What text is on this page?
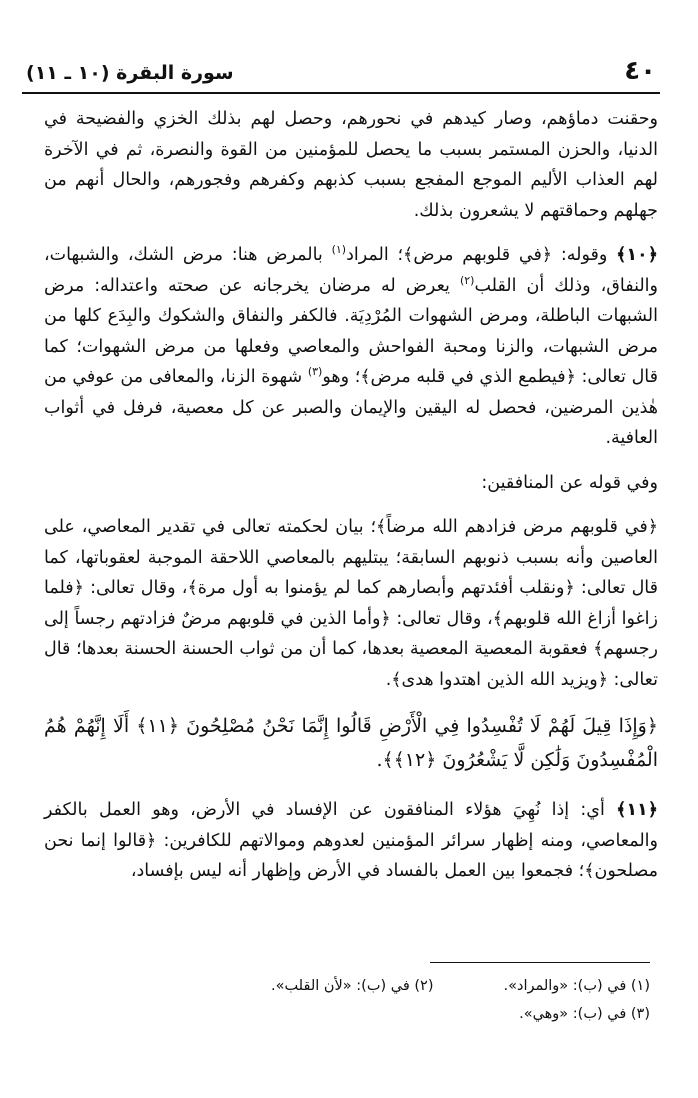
٤٠
سورة البقرة (١٠ ـ ١١)

وحقنت دماؤهم، وصار كيدهم في نحورهم، وحصل لهم بذلك الخزي والفضيحة في الدنيا، والحزن المستمر بسبب ما يحصل للمؤمنين من القوة والنصرة، ثم في الآخرة لهم العذاب الأليم الموجع المفجع بسبب كذبهم وكفرهم وفجورهم، والحال أنهم من جهلهم وحماقتهم لا يشعرون بذلك.

﴿١٠﴾ وقوله: ﴿في قلوبهم مرض﴾؛ المراد$^{(١)}$ بالمرض هنا: مرض الشك، والشبهات، والنفاق، وذلك أن القلب$^{(٢)}$ يعرض له مرضان يخرجانه عن صحته واعتداله: مرض الشبهات الباطلة، ومرض الشهوات المُرْدِيَة. فالكفر والنفاق والشكوك والبِدَع كلها من مرض الشبهات، والزنا ومحبة الفواحش والمعاصي وفعلها من مرض الشهوات؛ كما قال تعالى: ﴿فيطمع الذي في قلبه مرض﴾؛ وهو$^{(٣)}$ شهوة الزنا، والمعافى من عوفي من هٰذين المرضين، فحصل له اليقين والإيمان والصبر عن كل معصية، فرفل في أثواب العافية.

وفي قوله عن المنافقين:

﴿في قلوبهم مرض فزادهم الله مرضاً﴾؛ بيان لحكمته تعالى في تقدير المعاصي، على العاصين وأنه بسبب ذنوبهم السابقة؛ يبتليهم بالمعاصي اللاحقة الموجبة لعقوباتها، كما قال تعالى: ﴿ونقلب أفئدتهم وأبصارهم كما لم يؤمنوا به أول مرة﴾، وقال تعالى: ﴿فلما زاغوا أزاغ الله قلوبهم﴾، وقال تعالى: ﴿وأما الذين في قلوبهم مرضٌ فزادتهم رجساً إلى رجسهم﴾ فعقوبة المعصية المعصية بعدها، كما أن من ثواب الحسنة الحسنة بعدها؛ قال تعالى: ﴿ويزيد الله الذين اهتدوا هدى﴾.

﴿وَإِذَا قِيلَ لَهُمْ لَا تُفْسِدُوا فِي الْأَرْضِ قَالُوا إِنَّمَا نَحْنُ مُصْلِحُونَ ﴿١١﴾ أَلَا إِنَّهُمْ هُمُ الْمُفْسِدُونَ وَلَٰكِن لَّا يَشْعُرُونَ ﴿١٢﴾﴾.

﴿١١﴾ أي: إذا نُهِيَ هؤلاء المنافقون عن الإفساد في الأرض، وهو العمل بالكفر والمعاصي، ومنه إظهار سرائر المؤمنين لعدوهم وموالاتهم للكافرين: ﴿قالوا إنما نحن مصلحون﴾؛ فجمعوا بين العمل بالفساد في الأرض وإظهار أنه ليس بإفساد،

(١) في (ب): «والمراد».
(٢) في (ب): «لأن القلب».
(٣) في (ب): «وهي».
